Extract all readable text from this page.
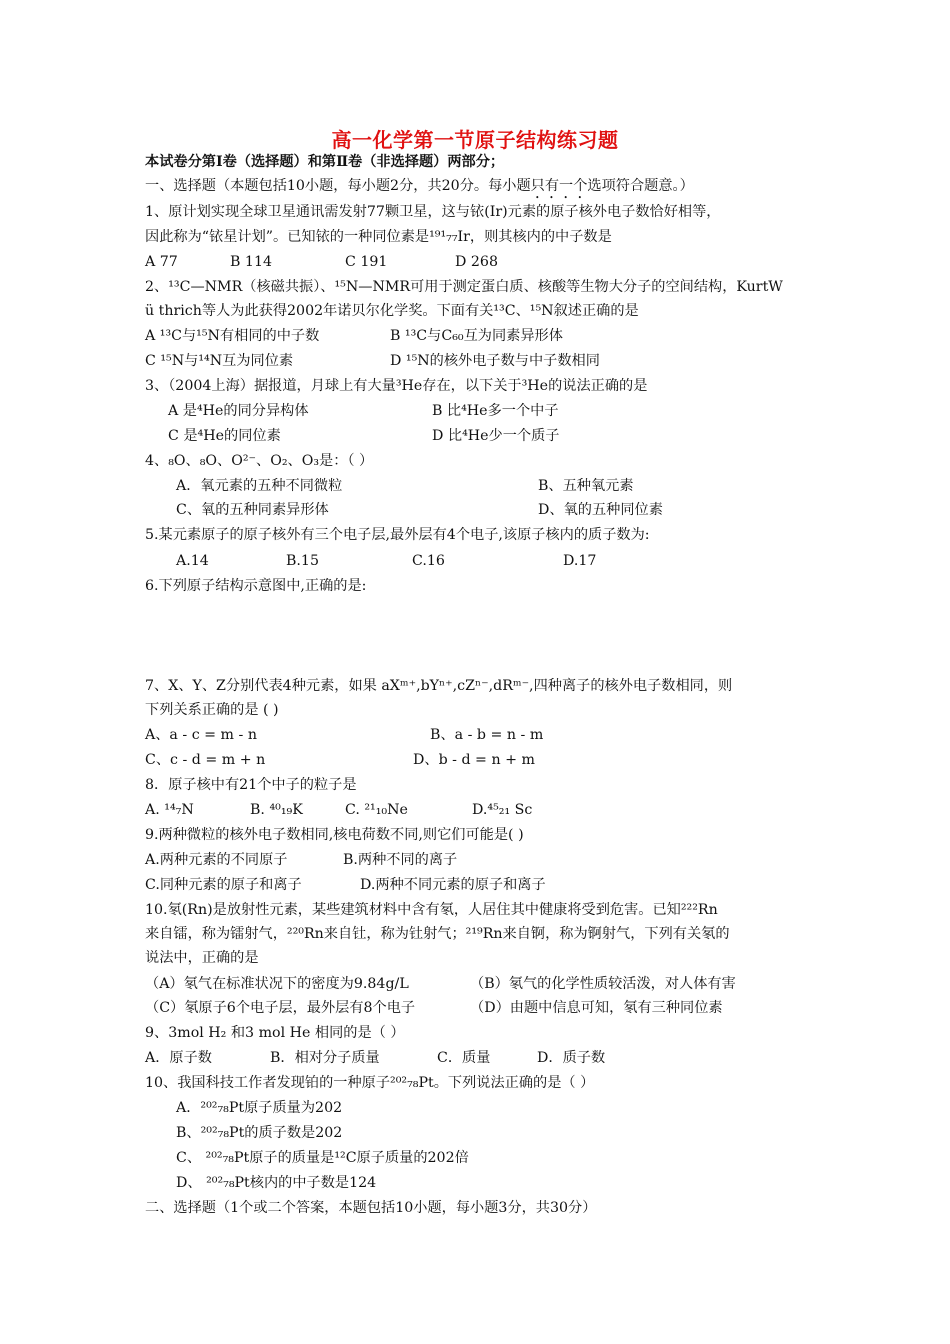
高一化学第一节原子结构练习题
本试卷分第Ⅰ卷（选择题）和第Ⅱ卷（非选择题）两部分；
一、选择题（本题包括10小题，每小题2分，共20分。每小题只有一个选项符合题意。）
1、原计划实现全球卫星通讯需发射77颗卫星，这与铱(Ir)元素的原子核外电子数恰好相等，
因此称为“铱星计划”。已知铱的一种同位素是¹⁹¹₇₇Ir，则其核内的中子数是
A 77	B 114	C 191	D 268
2、¹³C—NMR（核磁共振）、¹⁵N—NMR可用于测定蛋白质、核酸等生物大分子的空间结构，KurtW
ü thrich等人为此获得2002年诺贝尔化学奖。下面有关¹³C、¹⁵N叙述正确的是
A ¹³C与¹⁵N有相同的中子数	B ¹³C与C₆₀互为同素异形体
C ¹⁵N与¹⁴N互为同位素	D ¹⁵N的核外电子数与中子数相同
3、（2004上海）据报道，月球上有大量³He存在，以下关于³He的说法正确的是
A 是⁴He的同分异构体	B 比⁴He多一个中子
C 是⁴He的同位素	D 比⁴He少一个质子
4、₈O、₈O、O²⁻、O₂、O₃是：（ ）
A．氧元素的五种不同微粒	B、五种氧元素
C、氧的五种同素异形体	D、氧的五种同位素
5.某元素原子的原子核外有三个电子层,最外层有4个电子,该原子核内的质子数为:
A.14	B.15	C.16	D.17
6.下列原子结构示意图中,正确的是:
7、X、Y、Z分别代表4种元素，如果 aXᵐ⁺,bYⁿ⁺,cZⁿ⁻,dRᵐ⁻,四种离子的核外电子数相同，则
下列关系正确的是 ( )
A、a - c = m - n	B、a - b = n - m
C、c - d = m + n	D、b - d = n + m
8．原子核中有21个中子的粒子是
A. ¹⁴₇N	B. ⁴⁰₁₉K	C. ²¹₁₀Ne	D.⁴⁵₂₁ Sc
9.两种微粒的核外电子数相同,核电荷数不同,则它们可能是( )
A.两种元素的不同原子	B.两种不同的离子
C.同种元素的原子和离子	D.两种不同元素的原子和离子
10.氡(Rn)是放射性元素，某些建筑材料中含有氡，人居住其中健康将受到危害。已知²²²Rn
来自镭，称为镭射气，²²⁰Rn来自钍，称为钍射气；²¹⁹Rn来自锕，称为锕射气，下列有关氡的
说法中，正确的是
（A）氡气在标准状况下的密度为9.84g/L	（B）氡气的化学性质较活泼，对人体有害
（C）氡原子6个电子层，最外层有8个电子	（D）由题中信息可知，氡有三种同位素
9、3mol H₂ 和3 mol He 相同的是（ ）
A．原子数	B．相对分子质量	C．质量	D．质子数
10、我国科技工作者发现铂的一种原子²⁰²₇₈Pt。下列说法正确的是（ ）
A．²⁰²₇₈Pt原子质量为202
B、²⁰²₇₈Pt的质子数是202
C、 ²⁰²₇₈Pt原子的质量是¹²C原子质量的202倍
D、 ²⁰²₇₈Pt核内的中子数是124
二、选择题（1个或二个答案，本题包括10小题，每小题3分，共30分）
